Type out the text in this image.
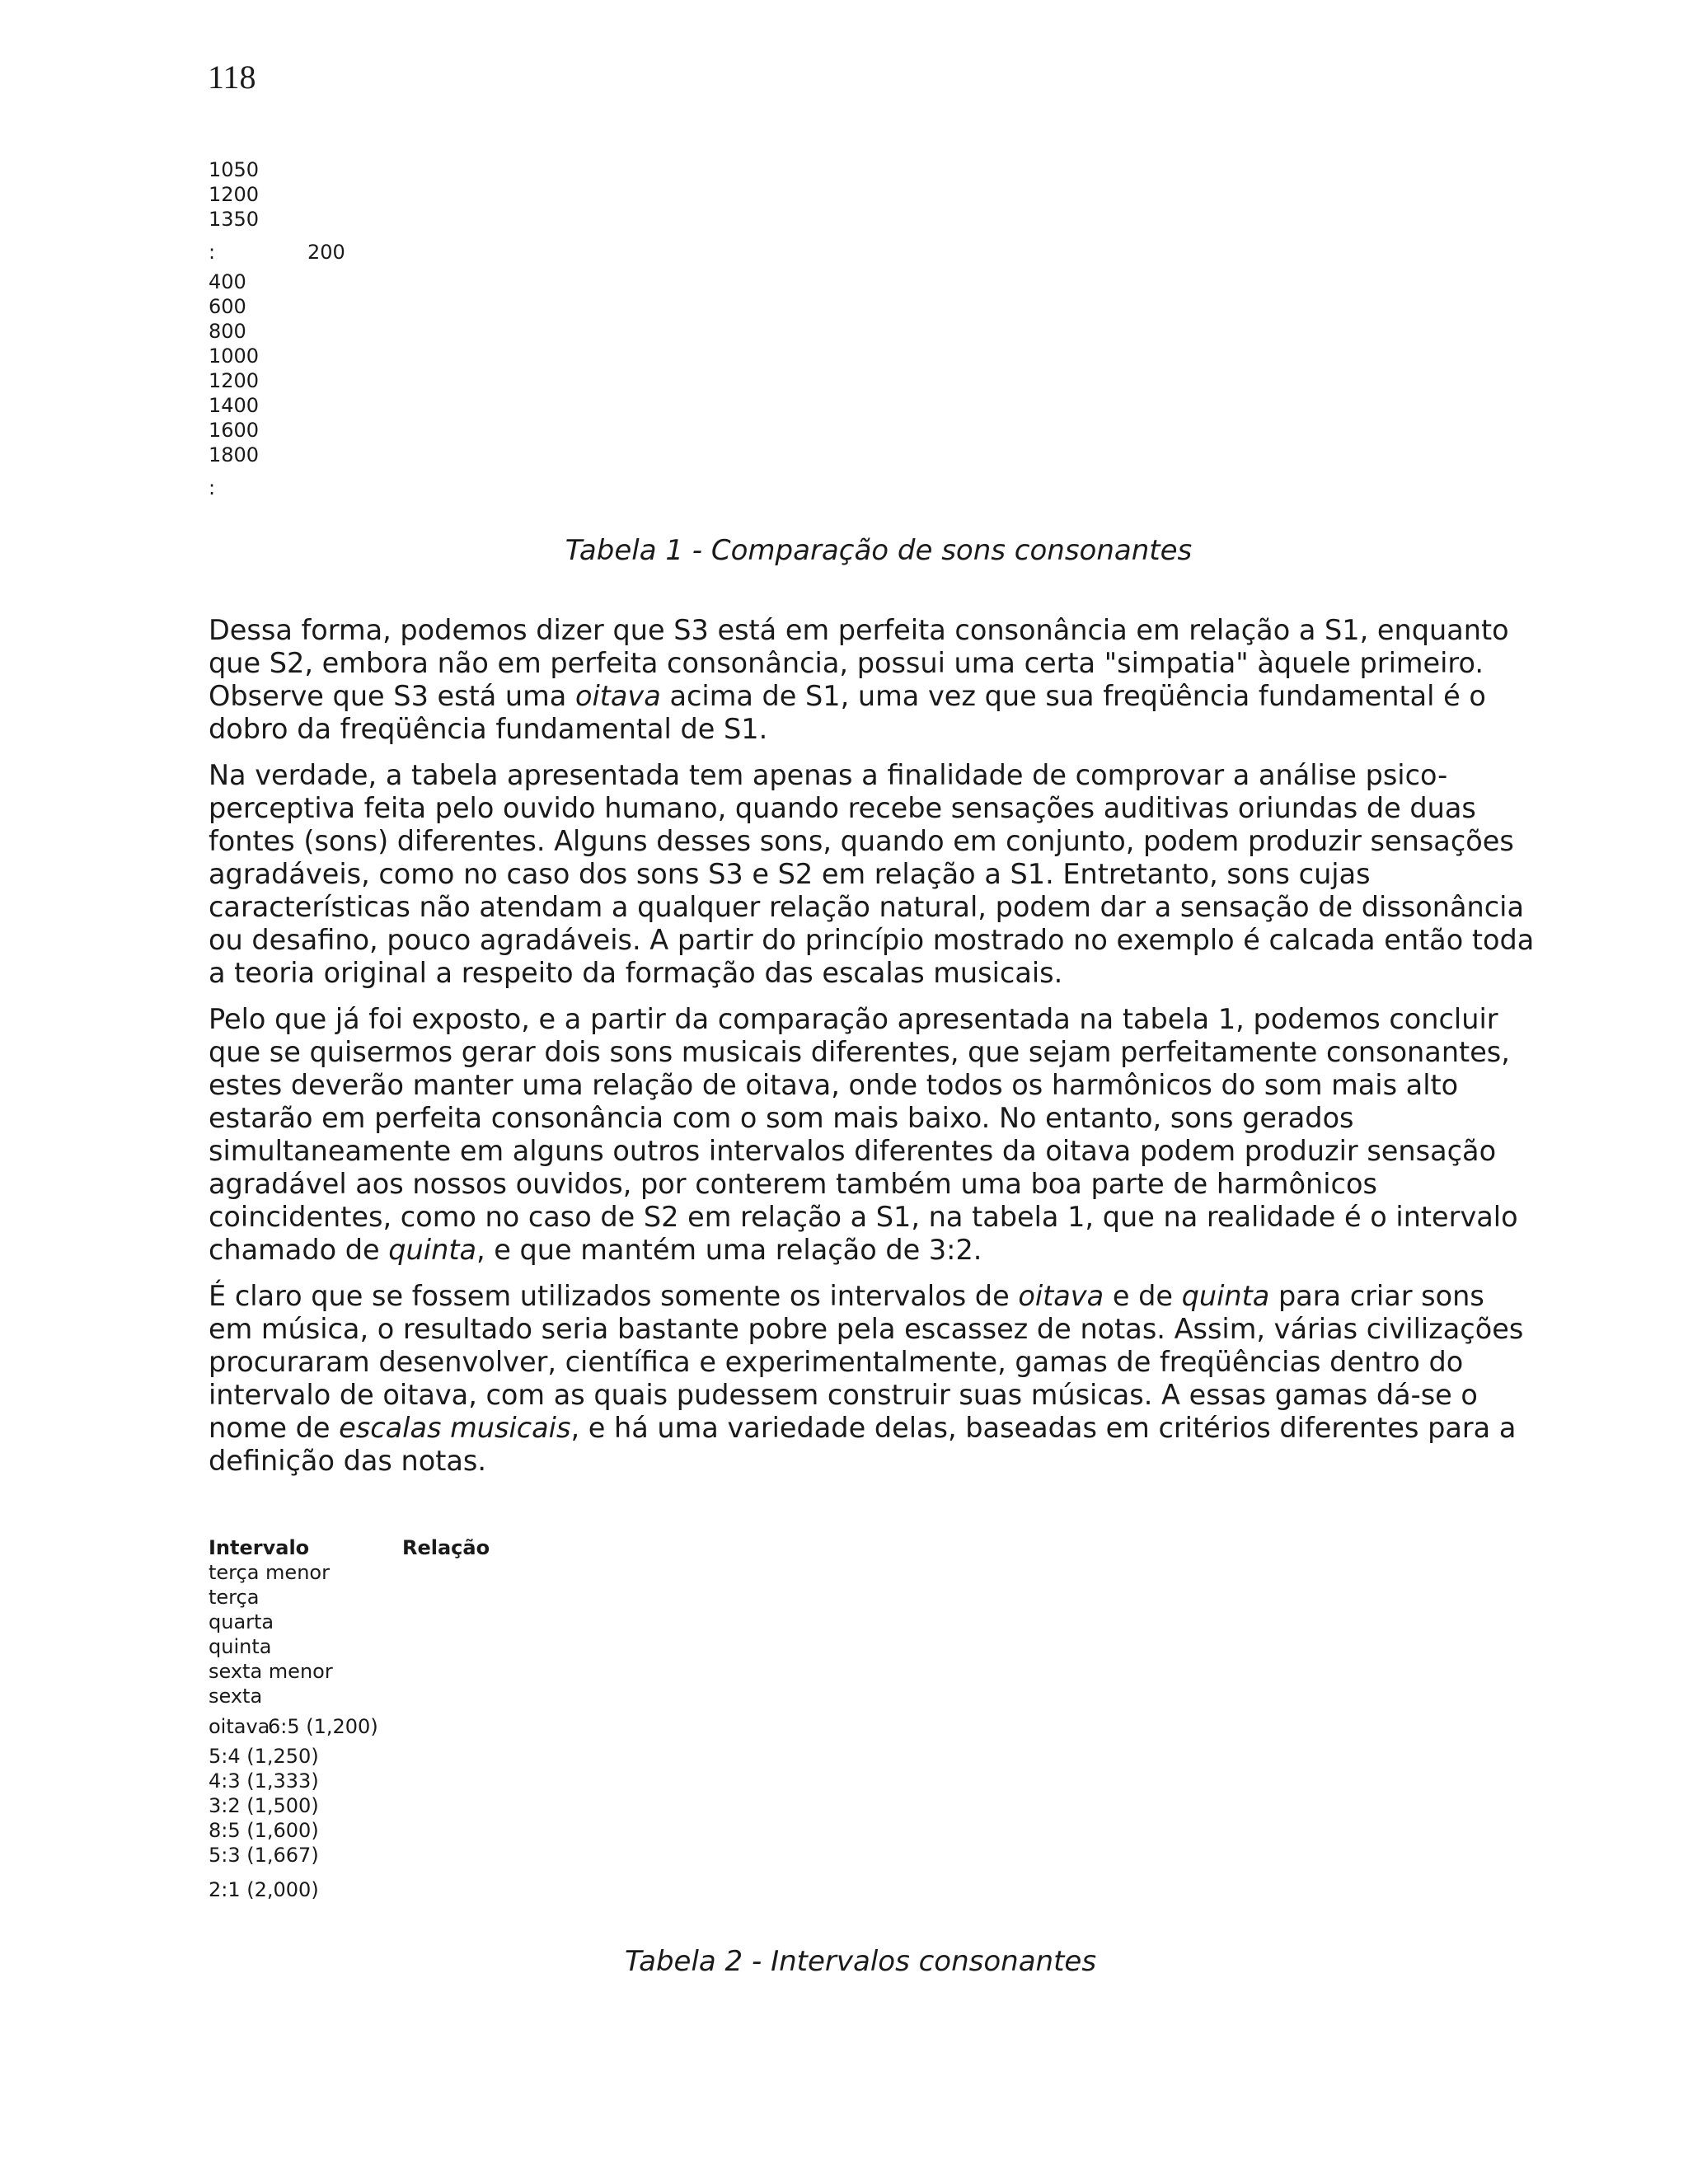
118
1050
1200
1350
:	200
400
600
800
1000
1200
1400
1600
1800
:
Tabela 1 - Comparação de sons consonantes

Dessa forma, podemos dizer que S3 está em perfeita consonância em relação a S1, enquanto que S2, embora não em perfeita consonância, possui uma certa "simpatia" àquele primeiro. Observe que S3 está uma oitava acima de S1, uma vez que sua freqüência fundamental é o dobro da freqüência fundamental de S1.

Na verdade, a tabela apresentada tem apenas a finalidade de comprovar a análise psico-perceptiva feita pelo ouvido humano, quando recebe sensações auditivas oriundas de duas fontes (sons) diferentes. Alguns desses sons, quando em conjunto, podem produzir sensações agradáveis, como no caso dos sons S3 e S2 em relação a S1. Entretanto, sons cujas características não atendam a qualquer relação natural, podem dar a sensação de dissonância ou desafino, pouco agradáveis. A partir do princípio mostrado no exemplo é calcada então toda a teoria original a respeito da formação das escalas musicais.

Pelo que já foi exposto, e a partir da comparação apresentada na tabela 1, podemos concluir que se quisermos gerar dois sons musicais diferentes, que sejam perfeitamente consonantes, estes deverão manter uma relação de oitava, onde todos os harmônicos do som mais alto estarão em perfeita consonância com o som mais baixo. No entanto, sons gerados simultaneamente em alguns outros intervalos diferentes da oitava podem produzir sensação agradável aos nossos ouvidos, por conterem também uma boa parte de harmônicos coincidentes, como no caso de S2 em relação a S1, na tabela 1, que na realidade é o intervalo chamado de quinta, e que mantém uma relação de 3:2.

É claro que se fossem utilizados somente os intervalos de oitava e de quinta para criar sons em música, o resultado seria bastante pobre pela escassez de notas. Assim, várias civilizações procuraram desenvolver, científica e experimentalmente, gamas de freqüências dentro do intervalo de oitava, com as quais pudessem construir suas músicas. A essas gamas dá-se o nome de escalas musicais, e há uma variedade delas, baseadas em critérios diferentes para a definição das notas.

Intervalo	Relação
terça menor
terça
quarta
quinta
sexta menor
sexta
oitava
6:5 (1,200)
5:4 (1,250)
4:3 (1,333)
3:2 (1,500)
8:5 (1,600)
5:3 (1,667)
2:1 (2,000)
Tabela 2 - Intervalos consonantes
